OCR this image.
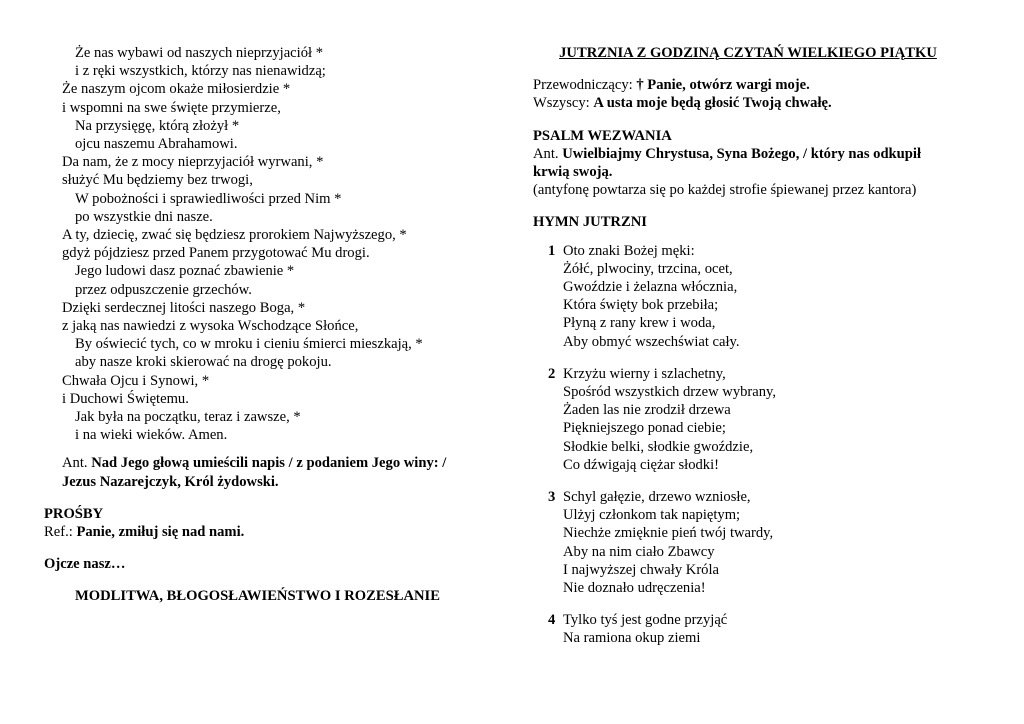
Że nas wybawi od naszych nieprzyjaciół *
i z ręki wszystkich, którzy nas nienawidzą;
Że naszym ojcom okaże miłosierdzie *
i wspomni na swe święte przymierze,
Na przysięgę, którą złożył *
ojcu naszemu Abrahamowi.
Da nam, że z mocy nieprzyjaciół wyrwani, *
służyć Mu będziemy bez trwogi,
W pobożności i sprawiedliwości przed Nim *
po wszystkie dni nasze.
A ty, dziecię, zwać się będziesz prorokiem Najwyższego, *
gdyż pójdziesz przed Panem przygotować Mu drogi.
Jego ludowi dasz poznać zbawienie *
przez odpuszczenie grzechów.
Dzięki serdecznej litości naszego Boga, *
z jaką nas nawiedzi z wysoka Wschodzące Słońce,
By oświecić tych, co w mroku i cieniu śmierci mieszkają, *
aby nasze kroki skierować na drogę pokoju.
Chwała Ojcu i Synowi, *
i Duchowi Świętemu.
Jak była na początku, teraz i zawsze, *
i na wieki wieków. Amen.
Ant. Nad Jego głową umieścili napis / z podaniem Jego winy: /
Jezus Nazarejczyk, Król żydowski.
PROŚBY
Ref.: Panie, zmiłuj się nad nami.
Ojcze nasz…
MODLITWA, BŁOGOSŁAWIEŃSTWO I ROZESŁANIE
JUTRZNIA Z GODZINĄ CZYTAŃ WIELKIEGO PIĄTKU
Przewodniczący: † Panie, otwórz wargi moje.
Wszyscy: A usta moje będą głosić Twoją chwałę.
PSALM WEZWANIA
Ant. Uwielbiajmy Chrystusa, Syna Bożego, / który nas odkupił
krwią swoją.
(antyfonę powtarza się po każdej strofie śpiewanej przez kantora)
HYMN JUTRZNI
1 Oto znaki Bożej męki:
Żółć, plwociny, trzcina, ocet,
Gwoździe i żelazna włócznia,
Która święty bok przebiła;
Płyną z rany krew i woda,
Aby obmyć wszechświat cały.
2 Krzyżu wierny i szlachetny,
Spośród wszystkich drzew wybrany,
Żaden las nie zrodził drzewa
Piękniejszego ponad ciebie;
Słodkie belki, słodkie gwoździe,
Co dźwigają ciężar słodki!
3 Schyl gałęzie, drzewo wzniosłe,
Ulżyj członkom tak napiętym;
Niechże zmięknie pień twój twardy,
Aby na nim ciało Zbawcy
I najwyższej chwały Króla
Nie doznało udręczenia!
4 Tylko tyś jest godne przyjąć
Na ramiona okup ziemi
